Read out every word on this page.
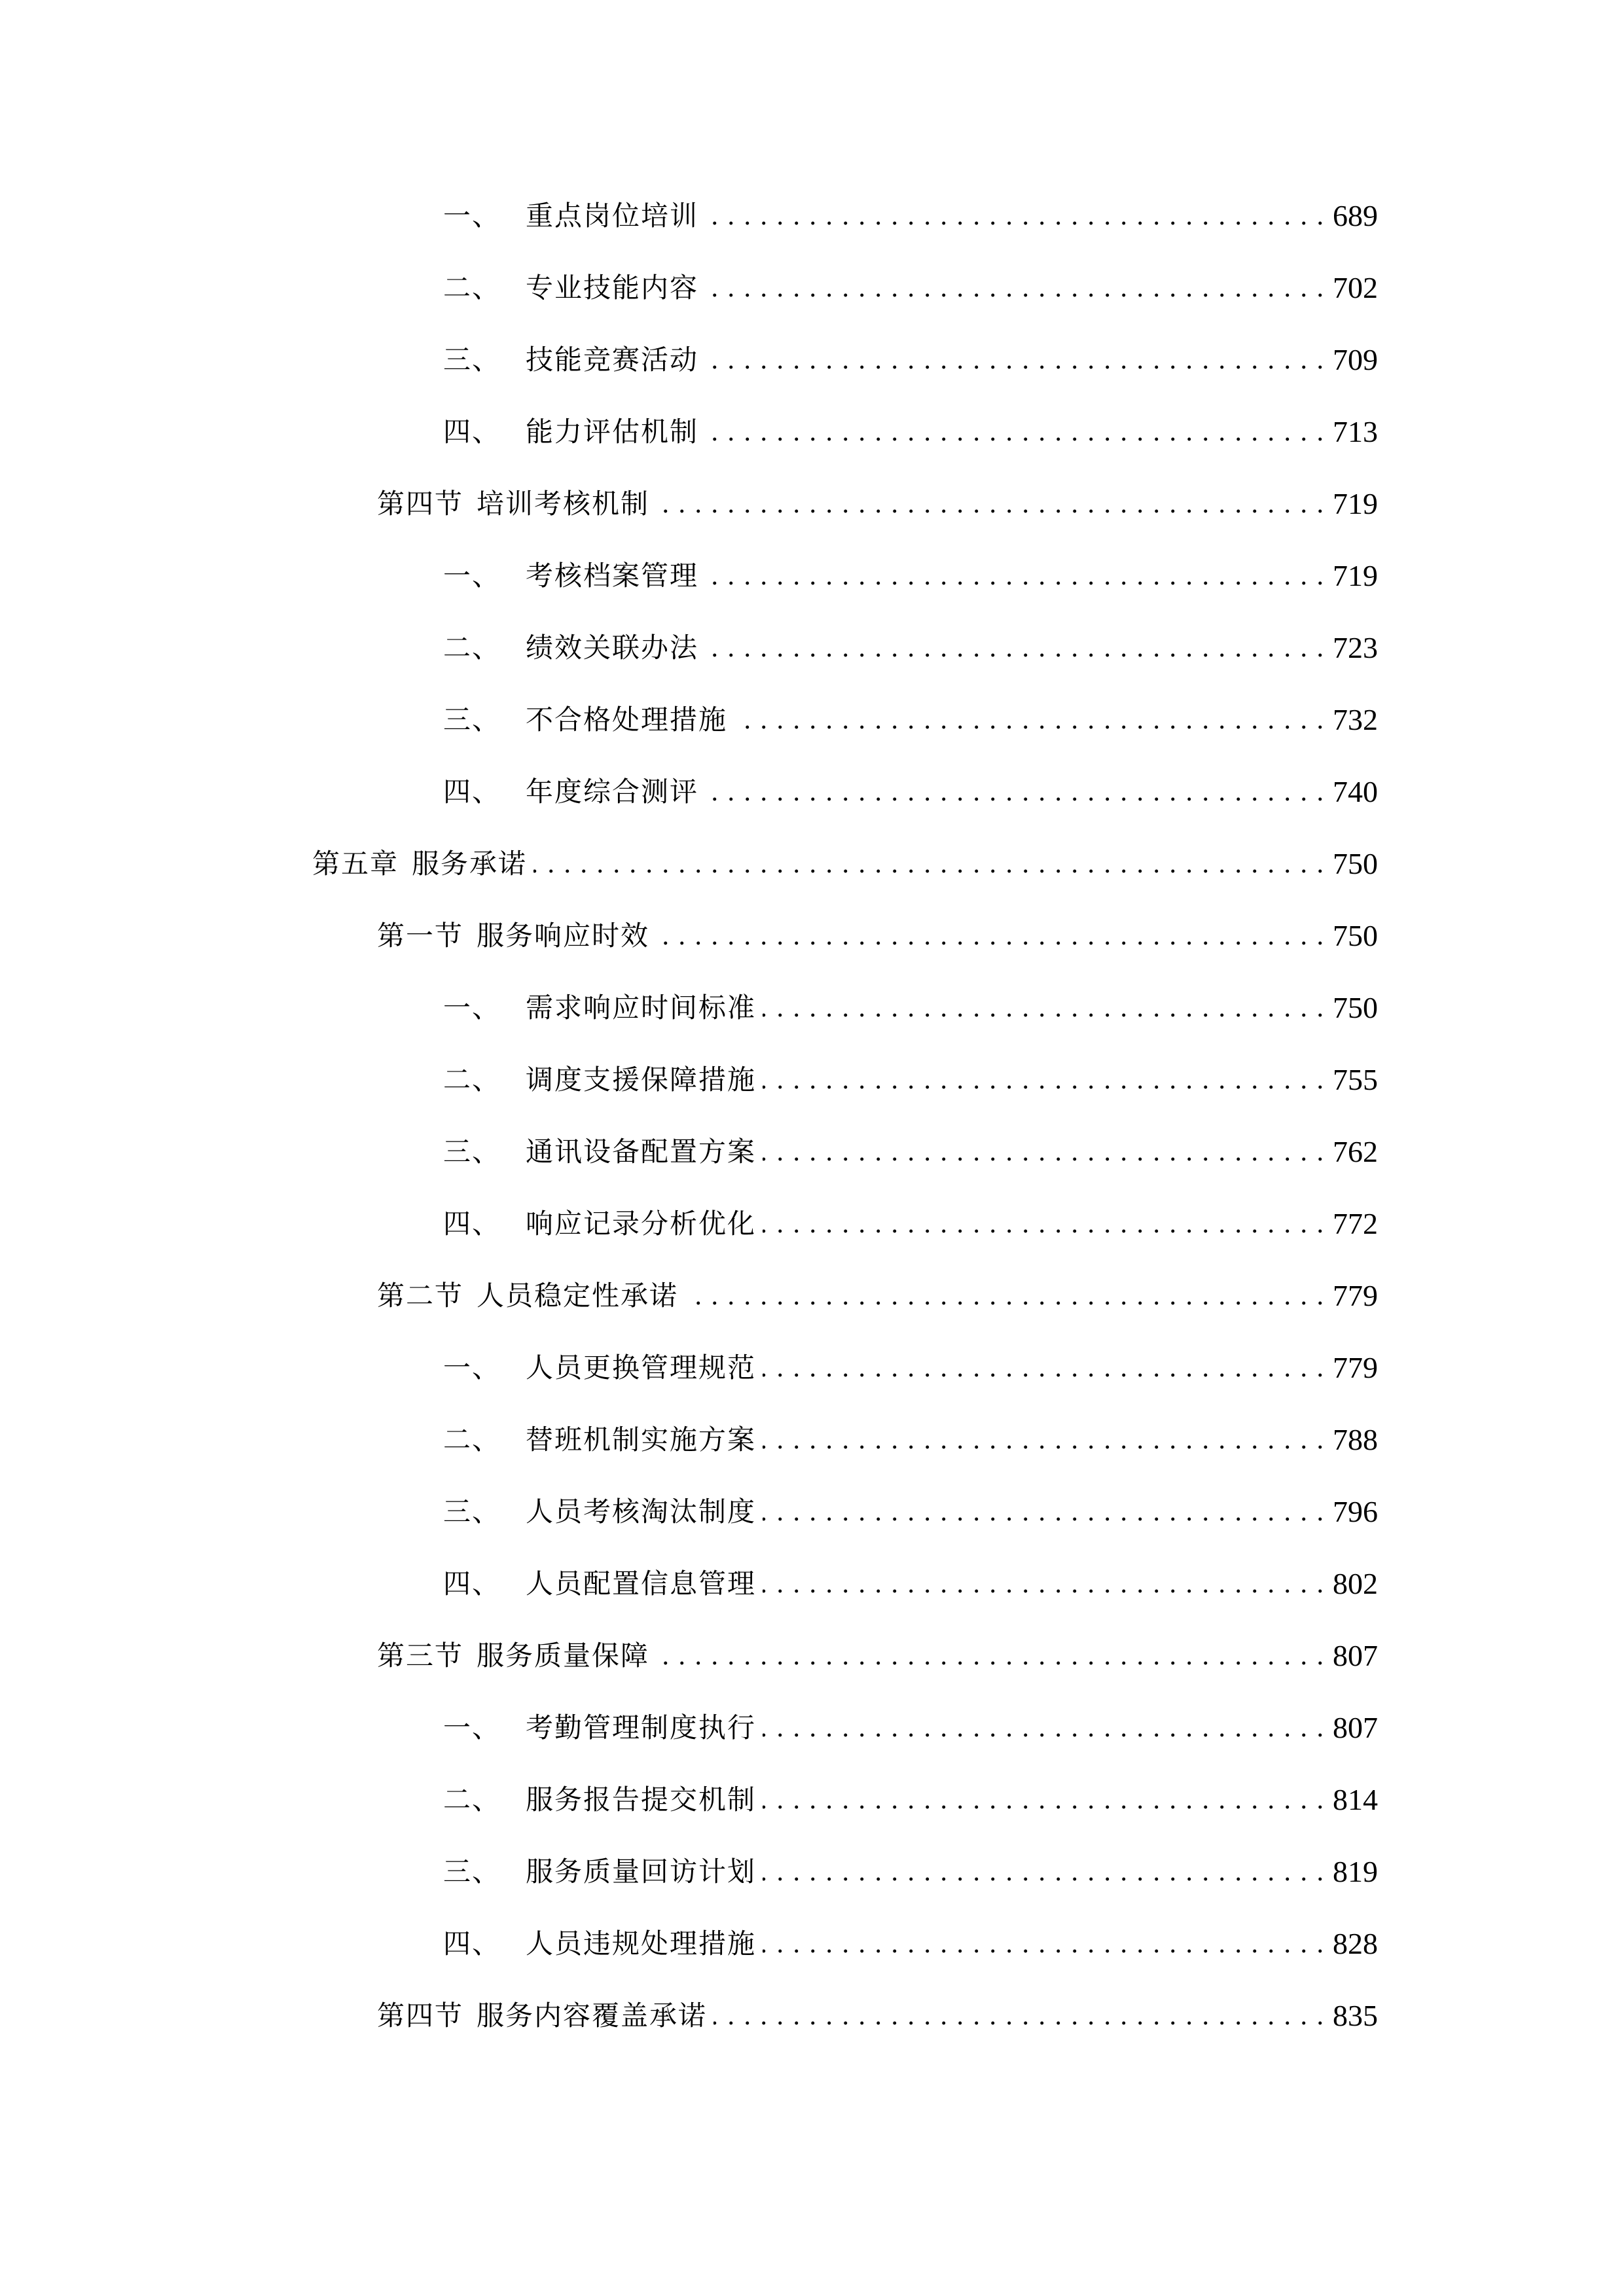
一、 重点岗位培训 . . .	689
二、 专业技能内容 . . .	702
三、 技能竞赛活动 . . .	709
四、 能力评估机制 . . .	713
第四节 培训考核机制 . . .	719
一、 考核档案管理 . . .	719
二、 绩效关联办法 . . .	723
三、 不合格处理措施 . . .	732
四、 年度综合测评 . . .	740
第五章 服务承诺 . . .	750
第一节 服务响应时效 . . .	750
一、 需求响应时间标准 . . .	750
二、 调度支援保障措施 . . .	755
三、 通讯设备配置方案 . . .	762
四、 响应记录分析优化 . . .	772
第二节 人员稳定性承诺 . . .	779
一、 人员更换管理规范 . . .	779
二、 替班机制实施方案 . . .	788
三、 人员考核淘汰制度 . . .	796
四、 人员配置信息管理 . . .	802
第三节 服务质量保障 . . .	807
一、 考勤管理制度执行 . . .	807
二、 服务报告提交机制 . . .	814
三、 服务质量回访计划 . . .	819
四、 人员违规处理措施 . . .	828
第四节 服务内容覆盖承诺 . . .	835
